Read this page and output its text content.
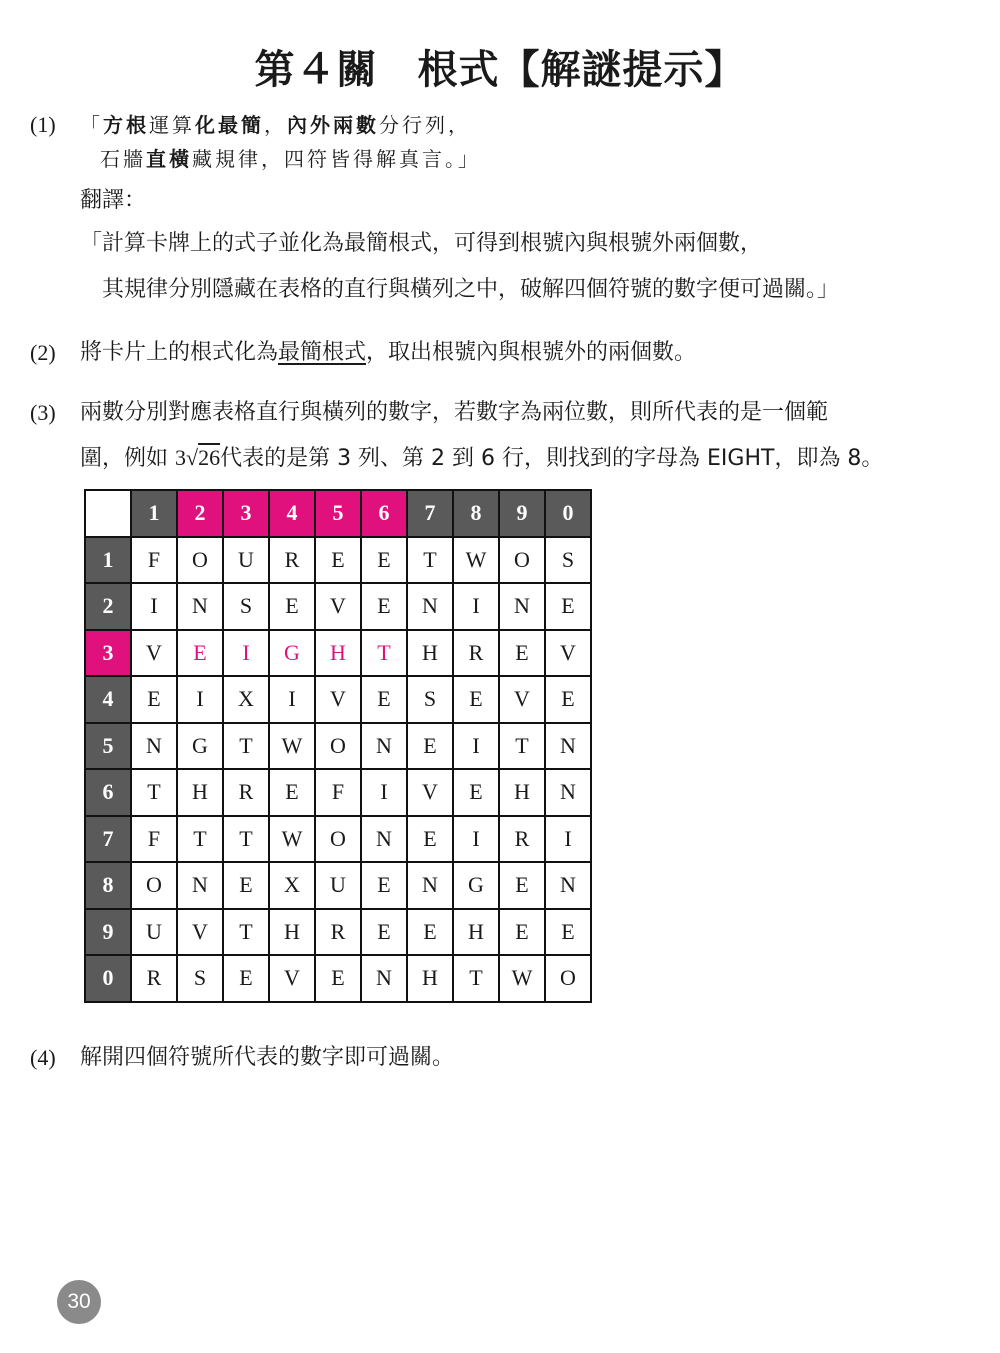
第４關 根式【解謎提示】
(1) 「方根運算化最簡，內外兩數分行列，
石牆直橫藏規律，四符皆得解真言。」
翻譯：
「計算卡牌上的式子並化為最簡根式，可得到根號內與根號外兩個數，
其規律分別隱藏在表格的直行與橫列之中，破解四個符號的數字便可過關。」
(2) 將卡片上的根式化為最簡根式，取出根號內與根號外的兩個數。
(3) 兩數分別對應表格直行與橫列的數字，若數字為兩位數，則所代表的是一個範
圍，例如 3√26代表的是第 3 列、第 2 到 6 行，則找到的字母為 EIGHT，即為 8。
	1	2	3	4	5	6	7	8	9	0
1	F	O	U	R	E	E	T	W	O	S
2	I	N	S	E	V	E	N	I	N	E
3	V	E	I	G	H	T	H	R	E	V
4	E	I	X	I	V	E	S	E	V	E
5	N	G	T	W	O	N	E	I	T	N
6	T	H	R	E	F	I	V	E	H	N
7	F	T	T	W	O	N	E	I	R	I
8	O	N	E	X	U	E	N	G	E	N
9	U	V	T	H	R	E	E	H	E	E
0	R	S	E	V	E	N	H	T	W	O
(4) 解開四個符號所代表的數字即可過關。
30
